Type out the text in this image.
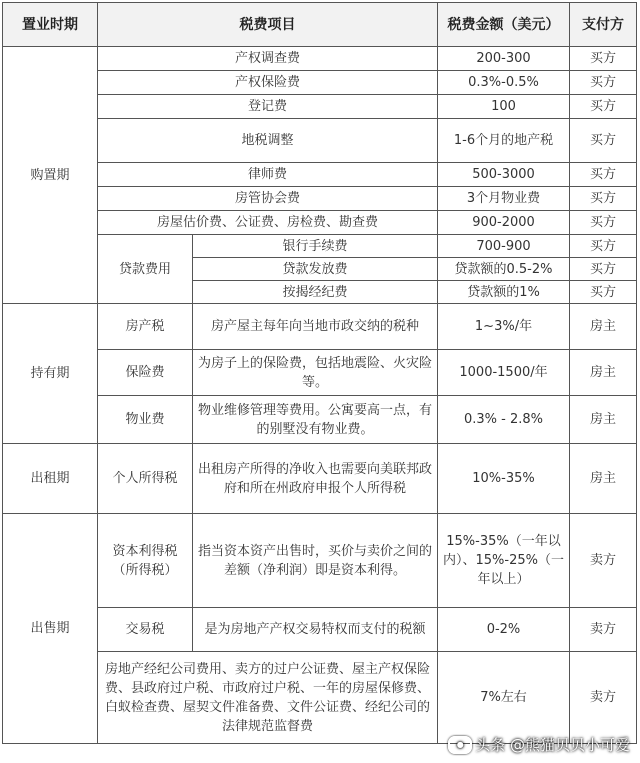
置业时期	税费项目		税费金额（美元）	支付方
购置期	产权调查费		200-300	买方
	产权保险费		0.3%-0.5%	买方
	登记费		100	买方
	地税调整		1-6个月的地产税	买方
	律师费		500-3000	买方
	房管协会费		3个月物业费	买方
	房屋估价费、公证费、房检费、勘查费		900-2000	买方
	贷款费用	银行手续费	700-900	买方
		贷款发放费	贷款额的0.5-2%	买方
		按揭经纪费	贷款额的1%	买方
持有期	房产税	房产屋主每年向当地市政交纳的税种	1~3%/年	房主
	保险费	为房子上的保险费，包括地震险、火灾险等。	1000-1500/年	房主
	物业费	物业维修管理等费用。公寓要高一点，有的别墅没有物业费。	0.3% - 2.8%	房主
出租期	个人所得税	出租房产所得的净收入也需要向美联邦政府和所在州政府申报个人所得税	10%-35%	房主
出售期	资本利得税（所得税）	指当资本资产出售时，买价与卖价之间的差额（净利润）即是资本利得。	15%-35%（一年以内）、15%-25%（一年以上）	卖方
	交易税	是为房地产产权交易特权而支付的税额	0-2%	卖方
	房地产经纪公司费用、卖方的过户公证费、屋主产权保险费、县政府过户税、市政府过户税、一年的房屋保修费、白蚁检查费、屋契文件准备费、文件公证费、经纪公司的法律规范监督费		7%左右	卖方
● 头条 @熊猫贝贝小可爱
